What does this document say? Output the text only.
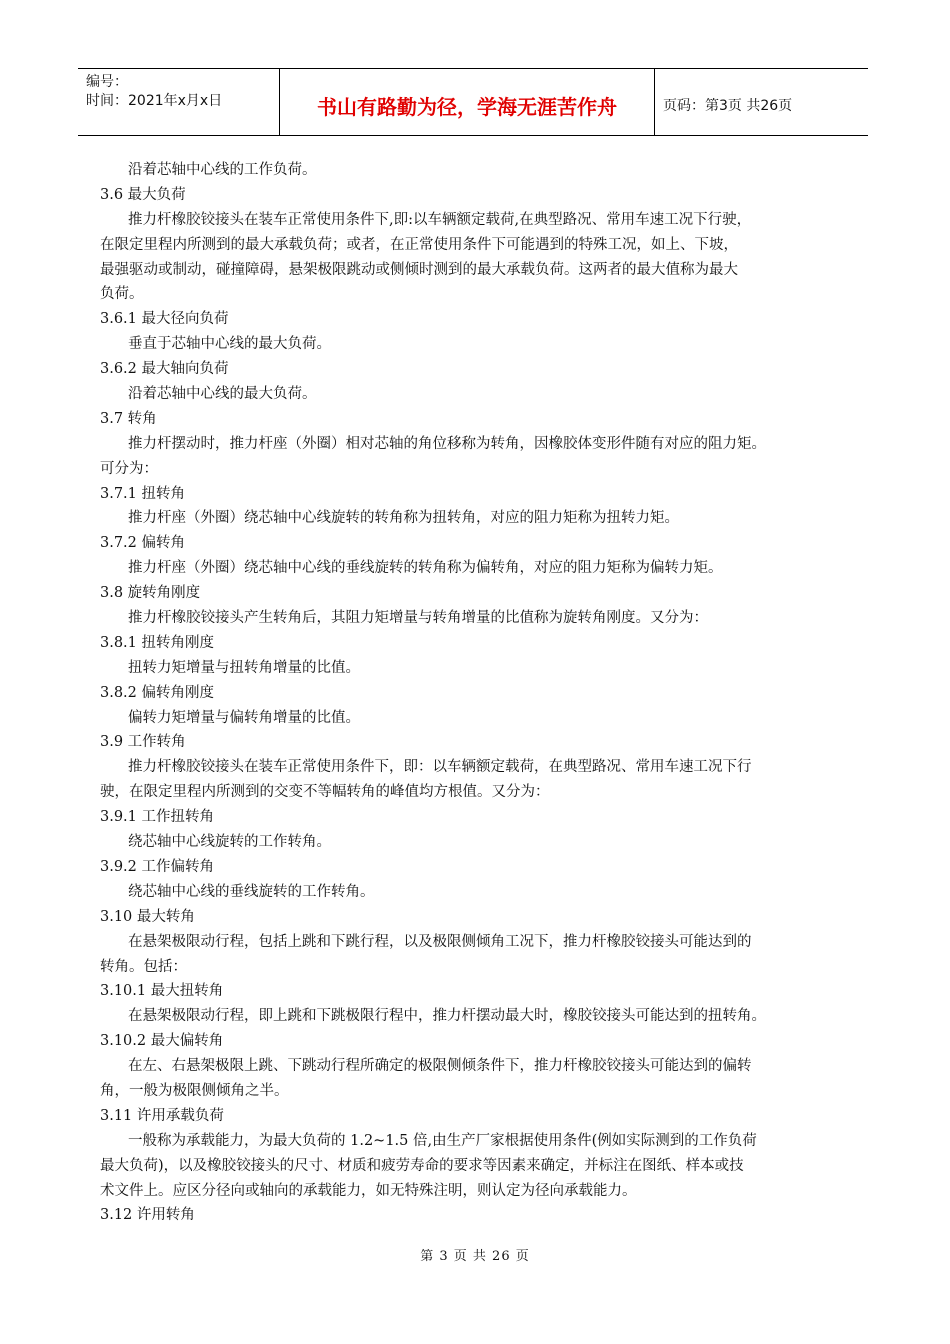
编号：
时间：2021年x月x日	书山有路勤为径，学海无涯苦作舟	页码：第3页 共26页
沿着芯轴中心线的工作负荷。
3.6 最大负荷
推力杆橡胶铰接头在装车正常使用条件下,即:以车辆额定载荷,在典型路况、常用车速工况下行驶，
在限定里程内所测到的最大承载负荷；或者，在正常使用条件下可能遇到的特殊工况，如上、下坡，
最强驱动或制动，碰撞障碍，悬架极限跳动或侧倾时测到的最大承载负荷。这两者的最大值称为最大
负荷。
3.6.1 最大径向负荷
垂直于芯轴中心线的最大负荷。
3.6.2 最大轴向负荷
沿着芯轴中心线的最大负荷。
3.7 转角
推力杆摆动时，推力杆座（外圈）相对芯轴的角位移称为转角，因橡胶体变形件随有对应的阻力矩。
可分为：
3.7.1 扭转角
推力杆座（外圈）绕芯轴中心线旋转的转角称为扭转角，对应的阻力矩称为扭转力矩。
3.7.2 偏转角
推力杆座（外圈）绕芯轴中心线的垂线旋转的转角称为偏转角，对应的阻力矩称为偏转力矩。
3.8 旋转角刚度
推力杆橡胶铰接头产生转角后，其阻力矩增量与转角增量的比值称为旋转角刚度。又分为：
3.8.1 扭转角刚度
扭转力矩增量与扭转角增量的比值。
3.8.2 偏转角刚度
偏转力矩增量与偏转角增量的比值。
3.9 工作转角
推力杆橡胶铰接头在装车正常使用条件下，即：以车辆额定载荷，在典型路况、常用车速工况下行
驶，在限定里程内所测到的交变不等幅转角的峰值均方根值。又分为：
3.9.1 工作扭转角
绕芯轴中心线旋转的工作转角。
3.9.2 工作偏转角
绕芯轴中心线的垂线旋转的工作转角。
3.10 最大转角
在悬架极限动行程，包括上跳和下跳行程，以及极限侧倾角工况下，推力杆橡胶铰接头可能达到的
转角。包括：
3.10.1 最大扭转角
在悬架极限动行程，即上跳和下跳极限行程中，推力杆摆动最大时，橡胶铰接头可能达到的扭转角。
3.10.2 最大偏转角
在左、右悬架极限上跳、下跳动行程所确定的极限侧倾条件下，推力杆橡胶铰接头可能达到的偏转
角，一般为极限侧倾角之半。
3.11 许用承载负荷
一般称为承载能力，为最大负荷的 1.2~1.5 倍,由生产厂家根据使用条件(例如实际测到的工作负荷
最大负荷)，以及橡胶铰接头的尺寸、材质和疲劳寿命的要求等因素来确定，并标注在图纸、样本或技
术文件上。应区分径向或轴向的承载能力，如无特殊注明，则认定为径向承载能力。
3.12 许用转角
第 3 页 共 26 页
